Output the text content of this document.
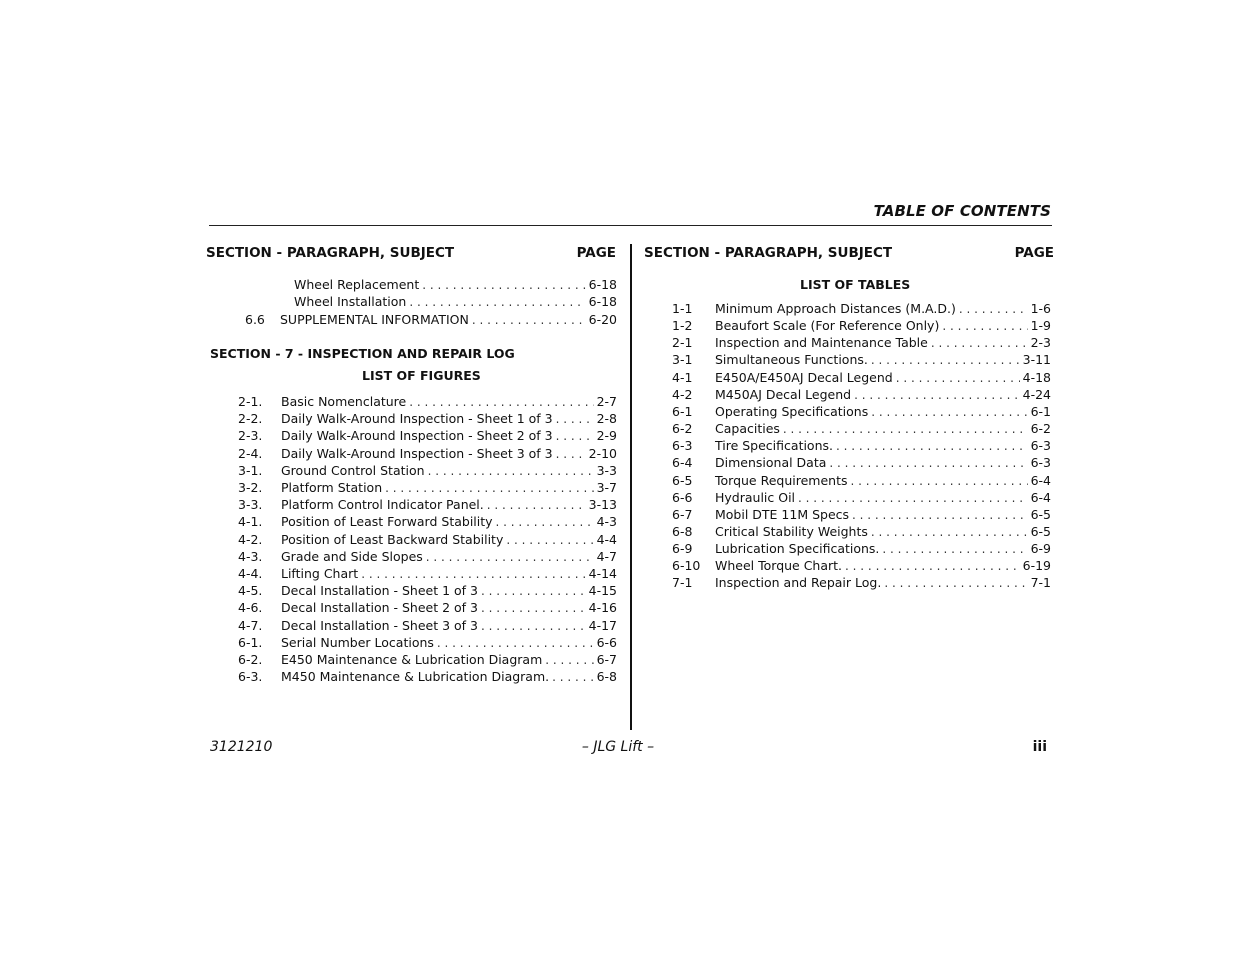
TABLE OF CONTENTS
SECTION - PARAGRAPH, SUBJECT	PAGE
Wheel Replacement . . .	6-18
Wheel Installation . . .	6-18
6.6 SUPPLEMENTAL INFORMATION . . .	6-20
SECTION - 7 - INSPECTION AND REPAIR LOG
LIST OF FIGURES
2-1. Basic Nomenclature . . .	2-7
2-2. Daily Walk-Around Inspection - Sheet 1 of 3 . . .	2-8
2-3. Daily Walk-Around Inspection - Sheet 2 of 3 . . .	2-9
2-4. Daily Walk-Around Inspection - Sheet 3 of 3 . . .	2-10
3-1. Ground Control Station . . .	3-3
3-2. Platform Station . . .	3-7
3-3. Platform Control Indicator Panel. . . .	3-13
4-1. Position of Least Forward Stability . . .	4-3
4-2. Position of Least Backward Stability . . .	4-4
4-3. Grade and Side Slopes . . .	4-7
4-4. Lifting Chart . . .	4-14
4-5. Decal Installation - Sheet 1 of 3 . . .	4-15
4-6. Decal Installation - Sheet 2 of 3 . . .	4-16
4-7. Decal Installation - Sheet 3 of 3 . . .	4-17
6-1. Serial Number Locations . . .	6-6
6-2. E450 Maintenance & Lubrication Diagram . . .	6-7
6-3. M450 Maintenance & Lubrication Diagram. . . .	6-8
SECTION - PARAGRAPH, SUBJECT	PAGE
LIST OF TABLES
1-1 Minimum Approach Distances (M.A.D.) . . .	1-6
1-2 Beaufort Scale (For Reference Only) . . .	1-9
2-1 Inspection and Maintenance Table . . .	2-3
3-1 Simultaneous Functions. . . .	3-11
4-1 E450A/E450AJ Decal Legend . . .	4-18
4-2 M450AJ Decal Legend . . .	4-24
6-1 Operating Specifications . . .	6-1
6-2 Capacities . . .	6-2
6-3 Tire Specifications. . . .	6-3
6-4 Dimensional Data . . .	6-3
6-5 Torque Requirements . . .	6-4
6-6 Hydraulic Oil . . .	6-4
6-7 Mobil DTE 11M Specs . . .	6-5
6-8 Critical Stability Weights . . .	6-5
6-9 Lubrication Specifications. . . .	6-9
6-10 Wheel Torque Chart. . . .	6-19
7-1 Inspection and Repair Log. . . .	7-1
3121210	– JLG Lift –	iii
